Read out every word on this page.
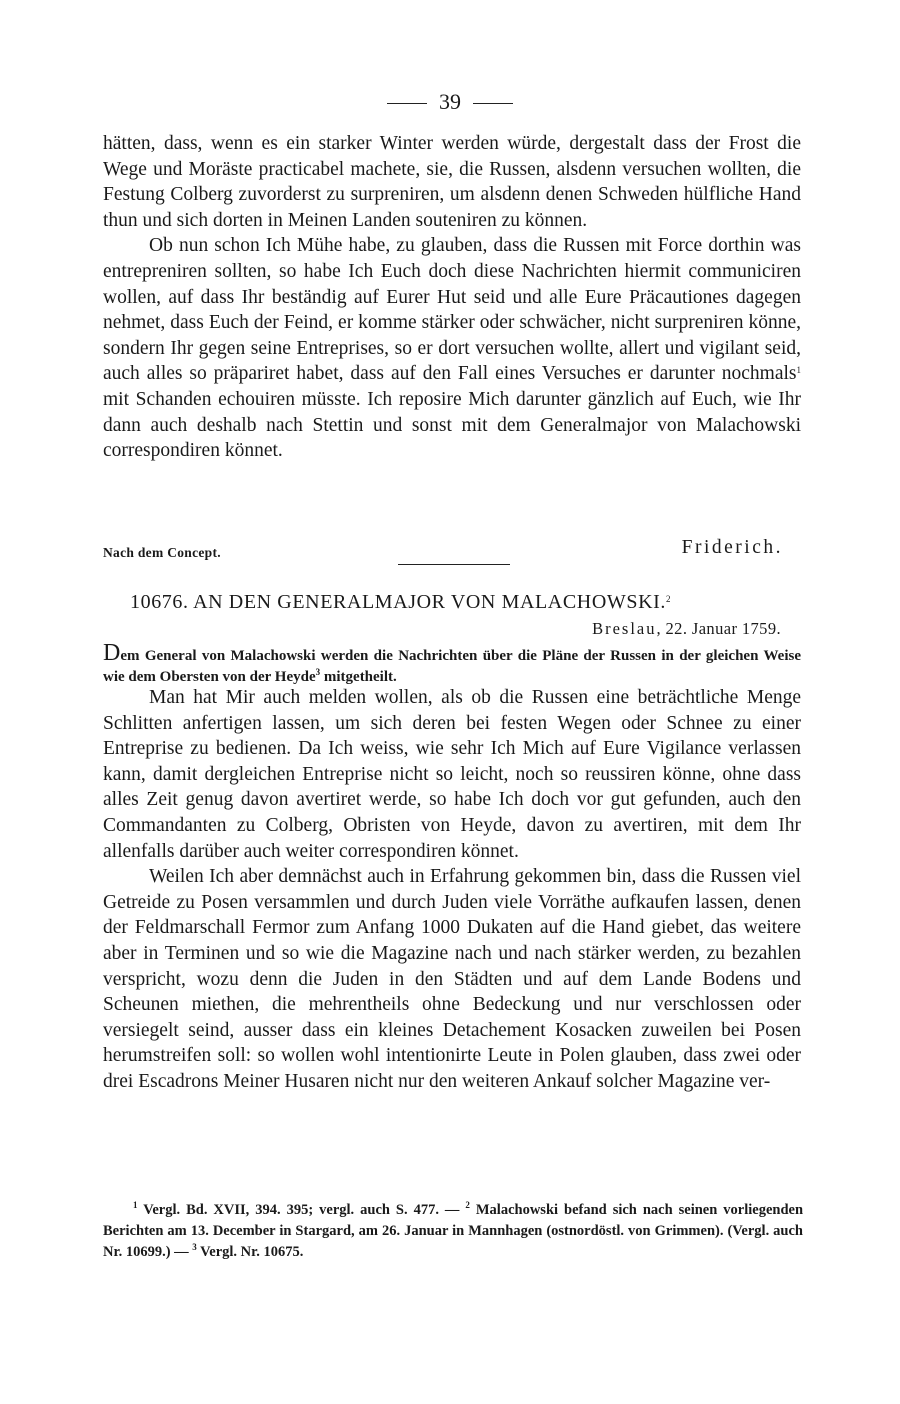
39

hätten, dass, wenn es ein starker Winter werden würde, dergestalt dass der Frost die Wege und Moräste practicabel machete, sie, die Russen, alsdenn versuchen wollten, die Festung Colberg zuvorderst zu surpreniren, um alsdenn denen Schweden hülfliche Hand thun und sich dorten in Meinen Landen souteniren zu können.

Ob nun schon Ich Mühe habe, zu glauben, dass die Russen mit Force dorthin was entrepreniren sollten, so habe Ich Euch doch diese Nachrichten hiermit communiciren wollen, auf dass Ihr beständig auf Eurer Hut seid und alle Eure Präcautiones dagegen nehmet, dass Euch der Feind, er komme stärker oder schwächer, nicht surpreniren könne, sondern Ihr gegen seine Entreprises, so er dort versuchen wollte, allert und vigilant seid, auch alles so präpariret habet, dass auf den Fall eines Versuches er darunter nochmals$^1$ mit Schanden echouiren müsste. Ich reposire Mich darunter gänzlich auf Euch, wie Ihr dann auch deshalb nach Stettin und sonst mit dem Generalmajor von Malachowski correspondiren könnet.

Nach dem Concept.	Friderich.
10676. AN DEN GENERALMAJOR VON MALACHOWSKI.$^2$
Breslau, 22. Januar 1759.
Dem General von Malachowski werden die Nachrichten über die Pläne der Russen in der gleichen Weise wie dem Obersten von der Heyde$^3$ mitgetheilt.

Man hat Mir auch melden wollen, als ob die Russen eine beträchtliche Menge Schlitten anfertigen lassen, um sich deren bei festen Wegen oder Schnee zu einer Entreprise zu bedienen. Da Ich weiss, wie sehr Ich Mich auf Eure Vigilance verlassen kann, damit dergleichen Entreprise nicht so leicht, noch so reussiren könne, ohne dass alles Zeit genug davon avertiret werde, so habe Ich doch vor gut gefunden, auch den Commandanten zu Colberg, Obristen von Heyde, davon zu avertiren, mit dem Ihr allenfalls darüber auch weiter correspondiren könnet.

Weilen Ich aber demnächst auch in Erfahrung gekommen bin, dass die Russen viel Getreide zu Posen versammlen und durch Juden viele Vorräthe aufkaufen lassen, denen der Feldmarschall Fermor zum Anfang 1000 Dukaten auf die Hand giebet, das weitere aber in Terminen und so wie die Magazine nach und nach stärker werden, zu bezahlen verspricht, wozu denn die Juden in den Städten und auf dem Lande Bodens und Scheunen miethen, die mehrentheils ohne Bedeckung und nur verschlossen oder versiegelt seind, ausser dass ein kleines Detachement Kosacken zuweilen bei Posen herumstreifen soll: so wollen wohl intentionirte Leute in Polen glauben, dass zwei oder drei Escadrons Meiner Husaren nicht nur den weiteren Ankauf solcher Magazine ver-

$^1$ Vergl. Bd. XVII, 394. 395; vergl. auch S. 477. — $^2$ Malachowski befand sich nach seinen vorliegenden Berichten am 13. December in Stargard, am 26. Januar in Mannhagen (ostnordöstl. von Grimmen). (Vergl. auch Nr. 10699.) — $^3$ Vergl. Nr. 10675.
